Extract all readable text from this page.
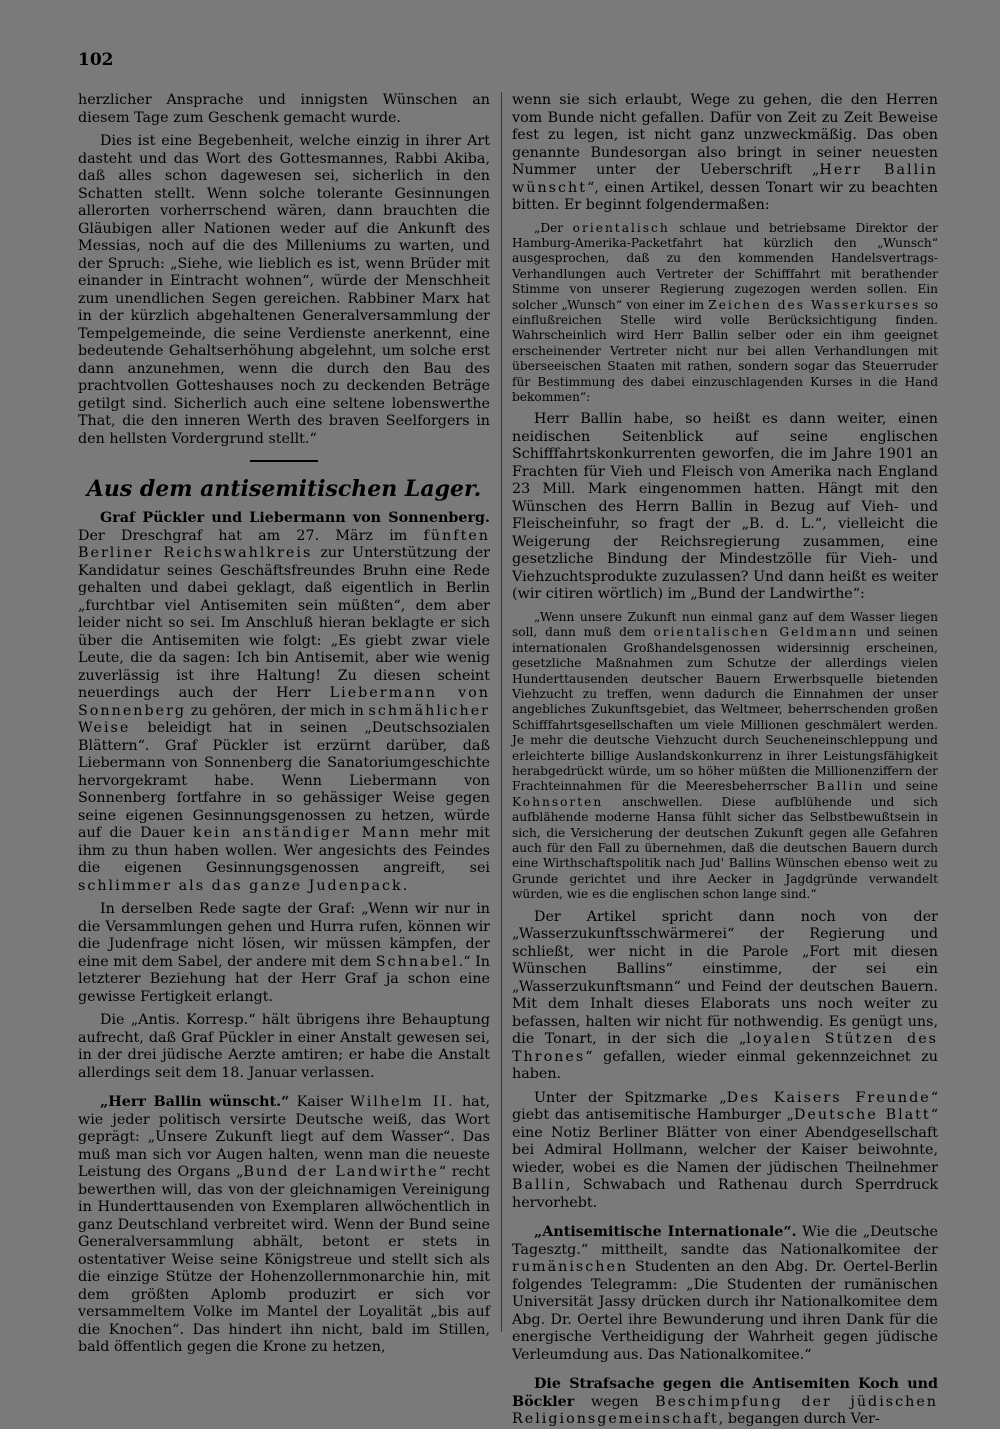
102

herzlicher Ansprache und innigsten Wünschen an diesem Tage zum Geschenk gemacht wurde.

Dies ist eine Begebenheit, welche einzig in ihrer Art dasteht und das Wort des Gottesmannes, Rabbi Akiba, daß alles schon dagewesen sei, sicherlich in den Schatten stellt. Wenn solche tolerante Gesinnungen allerorten vorherrschend wären, dann brauchten die Gläubigen aller Nationen weder auf die Ankunft des Messias, noch auf die des Milleniums zu warten, und der Spruch: „Siehe, wie lieblich es ist, wenn Brüder mit einander in Eintracht wohnen“, würde der Menschheit zum unendlichen Segen gereichen. Rabbiner Marx hat in der kürzlich abgehaltenen Generalversammlung der Tempelgemeinde, die seine Verdienste anerkennt, eine bedeutende Gehaltserhöhung abgelehnt, um solche erst dann anzunehmen, wenn die durch den Bau des prachtvollen Gotteshauses noch zu deckenden Beträge getilgt sind. Sicherlich auch eine seltene lobenswerthe That, die den inneren Werth des braven Seelforgers in den hellsten Vordergrund stellt.“

Aus dem antisemitischen Lager.

Graf Pückler und Liebermann von Sonnenberg. Der Dreschgraf hat am 27. März im fünften Berliner Reichswahlkreis zur Unterstützung der Kandidatur seines Geschäftsfreundes Bruhn eine Rede gehalten und dabei geklagt, daß eigentlich in Berlin „furchtbar viel Antisemiten sein müßten“, dem aber leider nicht so sei. Im Anschluß hieran beklagte er sich über die Antisemiten wie folgt: „Es giebt zwar viele Leute, die da sagen: Ich bin Antisemit, aber wie wenig zuverlässig ist ihre Haltung! Zu diesen scheint neuerdings auch der Herr Liebermann von Sonnenberg zu gehören, der mich in schmählicher Weise beleidigt hat in seinen „Deutschsozialen Blättern“. Graf Pückler ist erzürnt darüber, daß Liebermann von Sonnenberg die Sanatoriumgeschichte hervorgekramt habe. Wenn Liebermann von Sonnenberg fortfahre in so gehässiger Weise gegen seine eigenen Gesinnungsgenossen zu hetzen, würde auf die Dauer kein anständiger Mann mehr mit ihm zu thun haben wollen. Wer angesichts des Feindes die eigenen Gesinnungsgenossen angreift, sei schlimmer als das ganze Judenpack.

In derselben Rede sagte der Graf: „Wenn wir nur in die Versammlungen gehen und Hurra rufen, können wir die Judenfrage nicht lösen, wir müssen kämpfen, der eine mit dem Sabel, der andere mit dem Schnabel.“ In letzterer Beziehung hat der Herr Graf ja schon eine gewisse Fertigkeit erlangt.

Die „Antis. Korresp.“ hält übrigens ihre Behauptung aufrecht, daß Graf Pückler in einer Anstalt gewesen sei, in der drei jüdische Aerzte amtiren; er habe die Anstalt allerdings seit dem 18. Januar verlassen.

„Herr Ballin wünscht.“ Kaiser Wilhelm II. hat, wie jeder politisch versirte Deutsche weiß, das Wort geprägt: „Unsere Zukunft liegt auf dem Wasser“. Das muß man sich vor Augen halten, wenn man die neueste Leistung des Organs „Bund der Landwirthe“ recht bewerthen will, das von der gleichnamigen Vereinigung in Hunderttausenden von Exemplaren allwöchentlich in ganz Deutschland verbreitet wird. Wenn der Bund seine Generalversammlung abhält, betont er stets in ostentativer Weise seine Königstreue und stellt sich als die einzige Stütze der Hohenzollernmonarchie hin, mit dem größten Aplomb produzirt er sich vor versammeltem Volke im Mantel der Loyalität „bis auf die Knochen“. Das hindert ihn nicht, bald im Stillen, bald öffentlich gegen die Krone zu hetzen,

wenn sie sich erlaubt, Wege zu gehen, die den Herren vom Bunde nicht gefallen. Dafür von Zeit zu Zeit Beweise fest zu legen, ist nicht ganz unzweckmäßig. Das oben genannte Bundesorgan also bringt in seiner neuesten Nummer unter der Ueberschrift „Herr Ballin wünscht“, einen Artikel, dessen Tonart wir zu beachten bitten. Er beginnt folgendermaßen:

„Der orientalisch schlaue und betriebsame Direktor der Hamburg-Amerika-Packetfahrt hat kürzlich den „Wunsch“ ausgesprochen, daß zu den kommenden Handelsvertrags-Verhandlungen auch Vertreter der Schifffahrt mit berathender Stimme von unserer Regierung zugezogen werden sollen. Ein solcher „Wunsch“ von einer im Zeichen des Wasserkurses so einflußreichen Stelle wird volle Berücksichtigung finden. Wahrscheinlich wird Herr Ballin selber oder ein ihm geeignet erscheinender Vertreter nicht nur bei allen Verhandlungen mit überseeischen Staaten mit rathen, sondern sogar das Steuerruder für Bestimmung des dabei einzuschlagenden Kurses in die Hand bekommen“:

Herr Ballin habe, so heißt es dann weiter, einen neidischen Seitenblick auf seine englischen Schifffahrtskonkurrenten geworfen, die im Jahre 1901 an Frachten für Vieh und Fleisch von Amerika nach England 23 Mill. Mark eingenommen hatten. Hängt mit den Wünschen des Herrn Ballin in Bezug auf Vieh- und Fleischeinfuhr, so fragt der „B. d. L.“, vielleicht die Weigerung der Reichsregierung zusammen, eine gesetzliche Bindung der Mindestzölle für Vieh- und Viehzuchtsprodukte zuzulassen? Und dann heißt es weiter (wir citiren wörtlich) im „Bund der Landwirthe“:

„Wenn unsere Zukunft nun einmal ganz auf dem Wasser liegen soll, dann muß dem orientalischen Geldmann und seinen internationalen Großhandelsgenossen widersinnig erscheinen, gesetzliche Maßnahmen zum Schutze der allerdings vielen Hunderttausenden deutscher Bauern Erwerbsquelle bietenden Viehzucht zu treffen, wenn dadurch die Einnahmen der unser angebliches Zukunftsgebiet, das Weltmeer, beherrschenden großen Schifffahrtsgesellschaften um viele Millionen geschmälert werden. Je mehr die deutsche Viehzucht durch Seucheneinschleppung und erleichterte billige Auslandskonkurrenz in ihrer Leistungsfähigkeit herabgedrückt würde, um so höher müßten die Millionenziffern der Frachteinnahmen für die Meeresbeherrscher Ballin und seine Kohnsorten anschwellen. Diese aufblühende und sich aufblähende moderne Hansa fühlt sicher das Selbstbewußtsein in sich, die Versicherung der deutschen Zukunft gegen alle Gefahren auch für den Fall zu übernehmen, daß die deutschen Bauern durch eine Wirthschaftspolitik nach Jud' Ballins Wünschen ebenso weit zu Grunde gerichtet und ihre Aecker in Jagdgründe verwandelt würden, wie es die englischen schon lange sind.“

Der Artikel spricht dann noch von der „Wasserzukunftsschwärmerei“ der Regierung und schließt, wer nicht in die Parole „Fort mit diesen Wünschen Ballins“ einstimme, der sei ein „Wasserzukunftsmann“ und Feind der deutschen Bauern. Mit dem Inhalt dieses Elaborats uns noch weiter zu befassen, halten wir nicht für nothwendig. Es genügt uns, die Tonart, in der sich die „loyalen Stützen des Thrones“ gefallen, wieder einmal gekennzeichnet zu haben.

Unter der Spitzmarke „Des Kaisers Freunde“ giebt das antisemitische Hamburger „Deutsche Blatt“ eine Notiz Berliner Blätter von einer Abendgesellschaft bei Admiral Hollmann, welcher der Kaiser beiwohnte, wieder, wobei es die Namen der jüdischen Theilnehmer Ballin, Schwabach und Rathenau durch Sperrdruck hervorhebt.

„Antisemitische Internationale“. Wie die „Deutsche Tagesztg.“ mittheilt, sandte das Nationalkomitee der rumänischen Studenten an den Abg. Dr. Oertel-Berlin folgendes Telegramm: „Die Studenten der rumänischen Universität Jassy drücken durch ihr Nationalkomitee dem Abg. Dr. Oertel ihre Bewunderung und ihren Dank für die energische Vertheidigung der Wahrheit gegen jüdische Verleumdung aus. Das Nationalkomitee.“

Die Strafsache gegen die Antisemiten Koch und Böckler wegen Beschimpfung der jüdischen Religionsgemeinschaft, begangen durch Ver-
